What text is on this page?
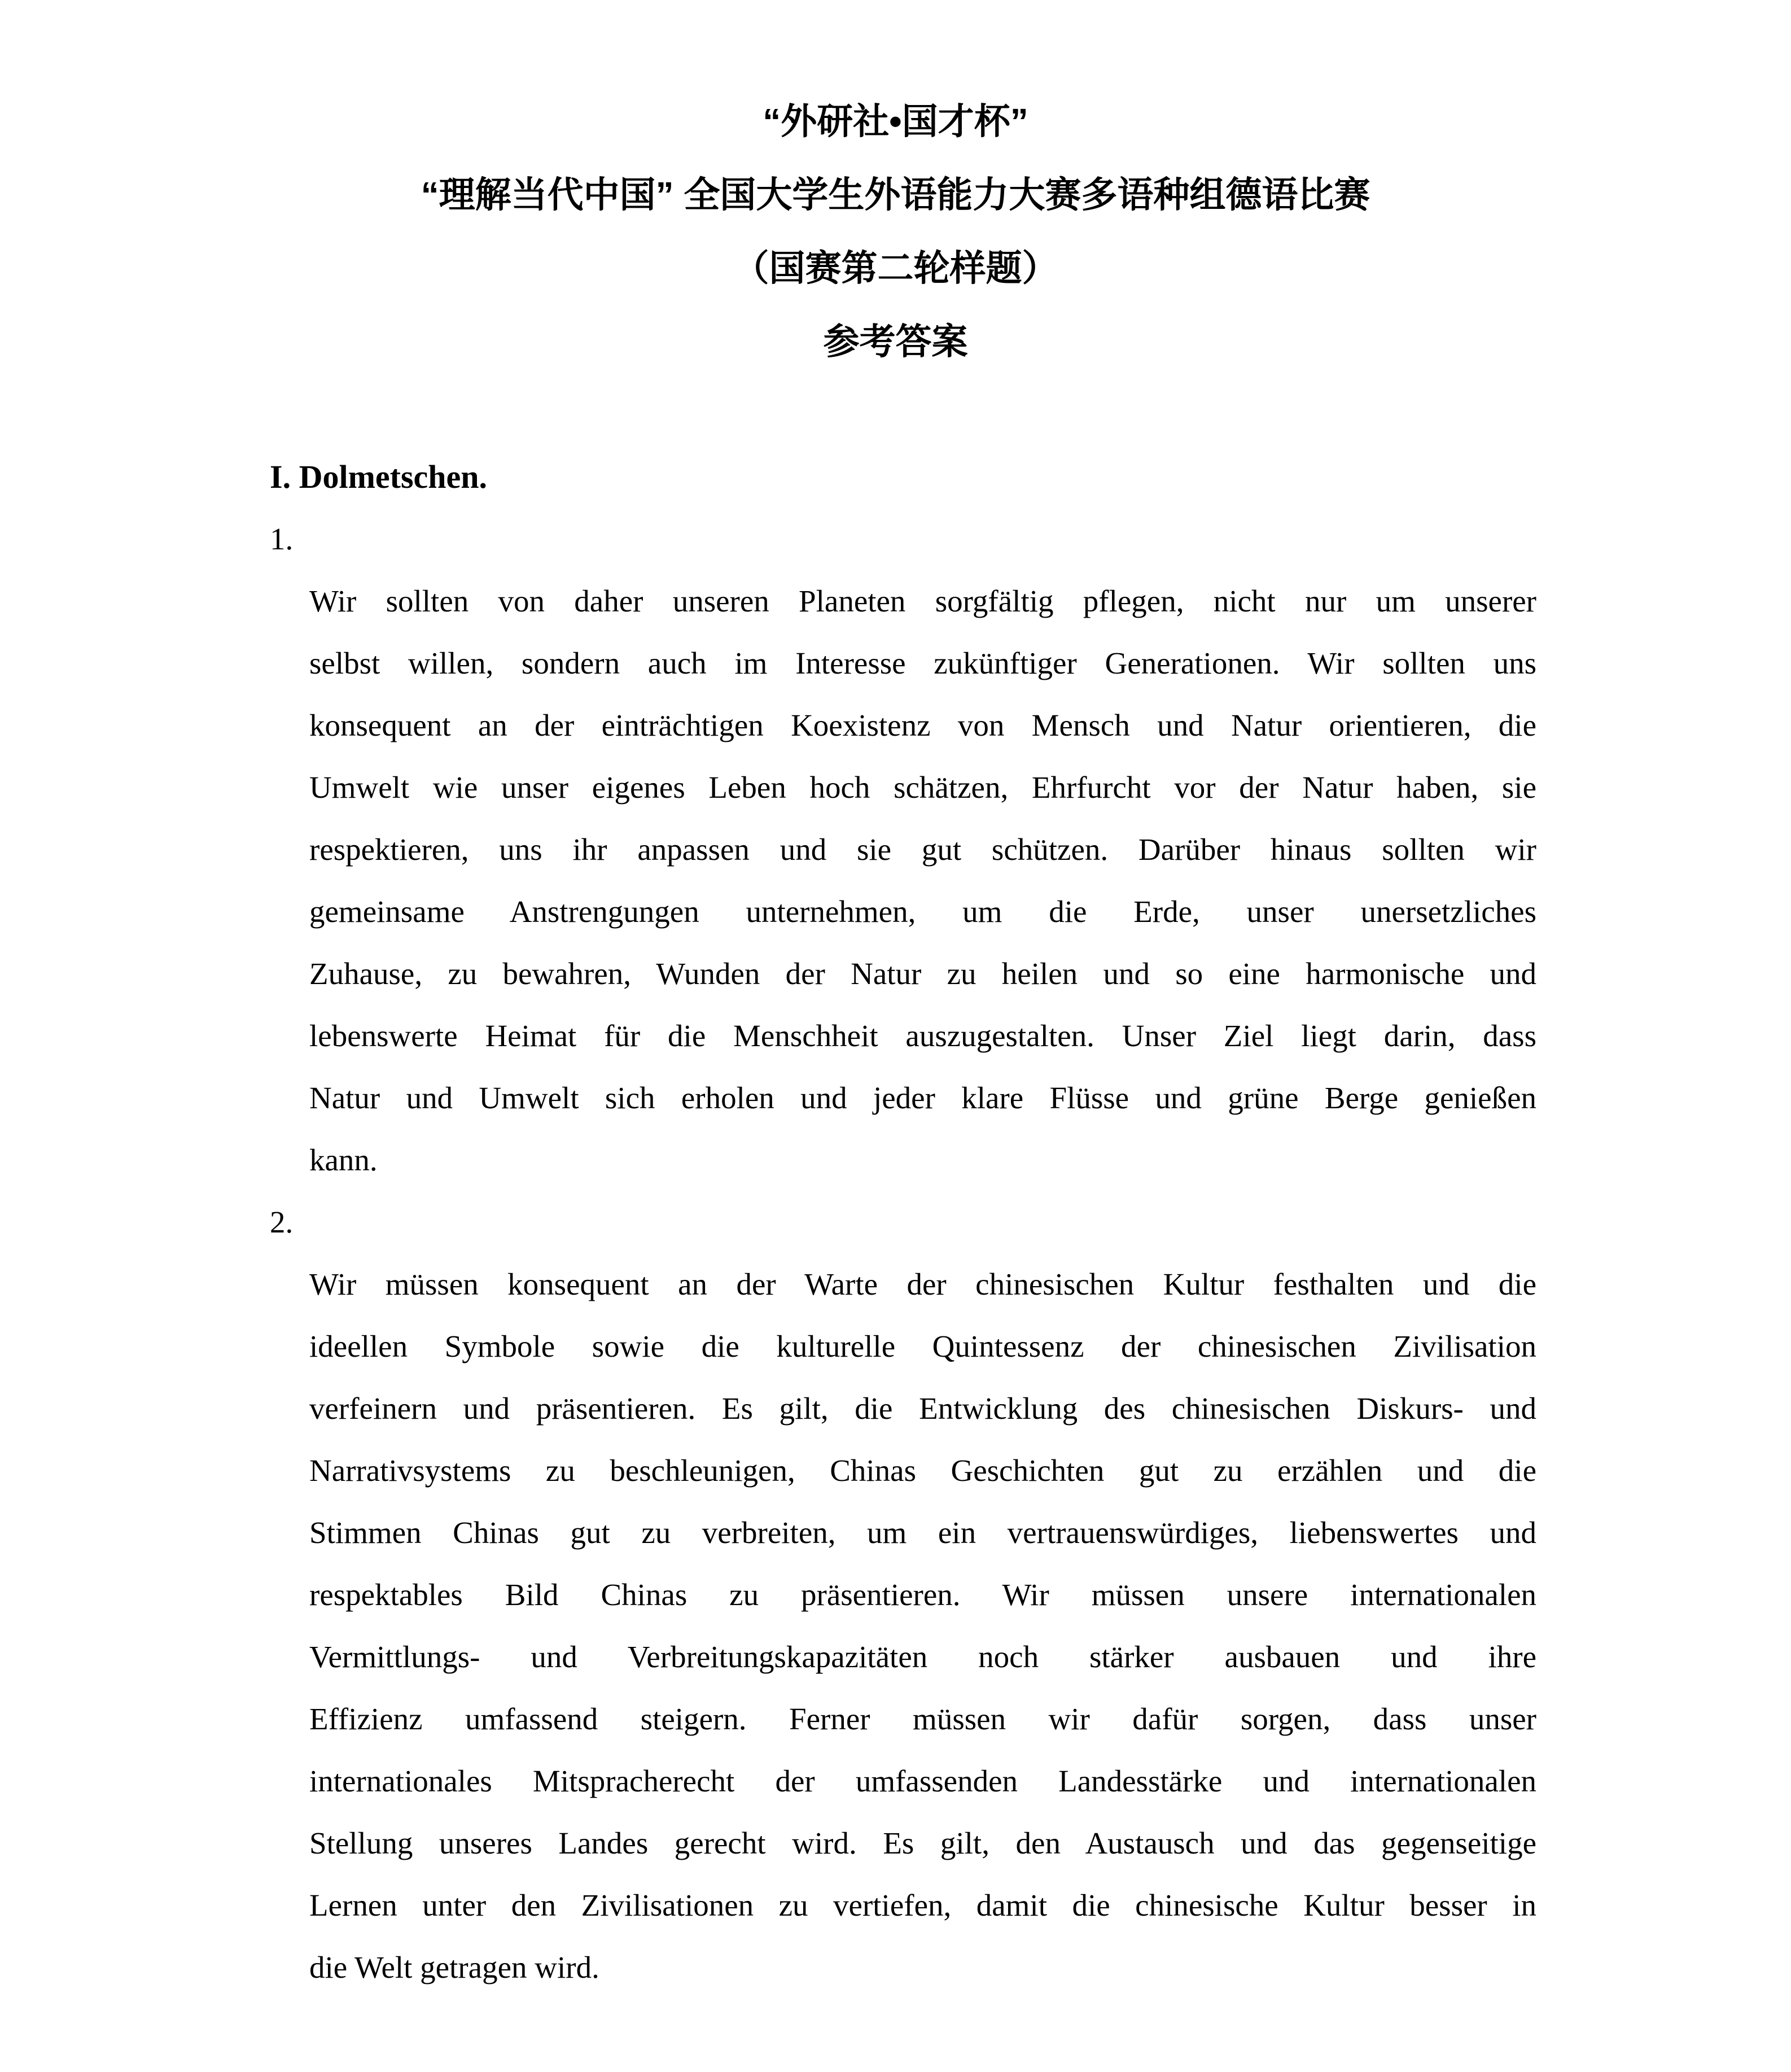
“外研社•国才杯”
“理解当代中国” 全国大学生外语能力大赛多语种组德语比赛
（国赛第二轮样题）
参考答案
I. Dolmetschen.
1.
Wir sollten von daher unseren Planeten sorgfältig pflegen, nicht nur um unserer
selbst willen, sondern auch im Interesse zukünftiger Generationen. Wir sollten uns
konsequent an der einträchtigen Koexistenz von Mensch und Natur orientieren, die
Umwelt wie unser eigenes Leben hoch schätzen, Ehrfurcht vor der Natur haben, sie
respektieren, uns ihr anpassen und sie gut schützen. Darüber hinaus sollten wir
gemeinsame Anstrengungen unternehmen, um die Erde, unser unersetzliches
Zuhause, zu bewahren, Wunden der Natur zu heilen und so eine harmonische und
lebenswerte Heimat für die Menschheit auszugestalten. Unser Ziel liegt darin, dass
Natur und Umwelt sich erholen und jeder klare Flüsse und grüne Berge genießen
kann.
2.
Wir müssen konsequent an der Warte der chinesischen Kultur festhalten und die
ideellen Symbole sowie die kulturelle Quintessenz der chinesischen Zivilisation
verfeinern und präsentieren. Es gilt, die Entwicklung des chinesischen Diskurs- und
Narrativsystems zu beschleunigen, Chinas Geschichten gut zu erzählen und die
Stimmen Chinas gut zu verbreiten, um ein vertrauenswürdiges, liebenswertes und
respektables Bild Chinas zu präsentieren. Wir müssen unsere internationalen
Vermittlungs- und Verbreitungskapazitäten noch stärker ausbauen und ihre
Effizienz umfassend steigern. Ferner müssen wir dafür sorgen, dass unser
internationales Mitspracherecht der umfassenden Landesstärke und internationalen
Stellung unseres Landes gerecht wird. Es gilt, den Austausch und das gegenseitige
Lernen unter den Zivilisationen zu vertiefen, damit die chinesische Kultur besser in
die Welt getragen wird.
